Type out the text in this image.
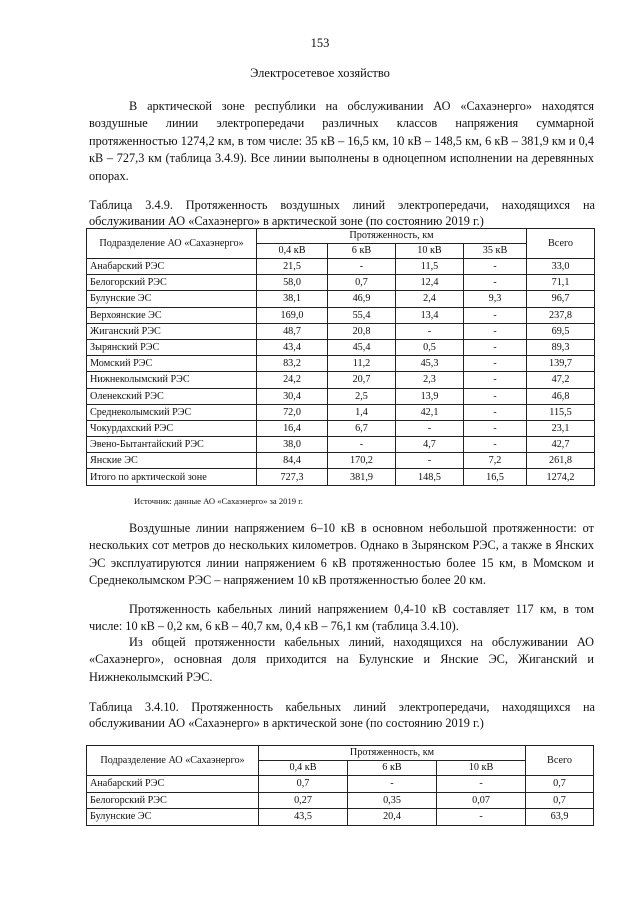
153
Электросетевое хозяйство

В арктической зоне республики на обслуживании АО «Сахаэнерго» находятся воздушные линии электропередачи различных классов напряжения суммарной протяженностью 1274,2 км, в том числе: 35 кВ – 16,5 км, 10 кВ – 148,5 км, 6 кВ – 381,9 км и 0,4 кВ – 727,3 км (таблица 3.4.9). Все линии выполнены в одноцепном исполнении на деревянных опорах.

Таблица 3.4.9. Протяженность воздушных линий электропередачи, находящихся на обслуживании АО «Сахаэнерго» в арктической зоне (по состоянию 2019 г.)

Подразделение АО «Сахаэнерго»	Протяженность, км				Всего
	0,4 кВ	6 кВ	10 кВ	35 кВ	
Анабарский РЭС	21,5	-	11,5	-	33,0
Белогорский РЭС	58,0	0,7	12,4	-	71,1
Булунские ЭС	38,1	46,9	2,4	9,3	96,7
Верхоянские ЭС	169,0	55,4	13,4	-	237,8
Жиганский РЭС	48,7	20,8	-	-	69,5
Зырянский РЭС	43,4	45,4	0,5	-	89,3
Момский РЭС	83,2	11,2	45,3	-	139,7
Нижнеколымский РЭС	24,2	20,7	2,3	-	47,2
Оленекский РЭС	30,4	2,5	13,9	-	46,8
Среднеколымский РЭС	72,0	1,4	42,1	-	115,5
Чокурдахский РЭС	16,4	6,7	-	-	23,1
Эвено-Бытантайский РЭС	38,0	-	4,7	-	42,7
Янские ЭС	84,4	170,2	-	7,2	261,8
Итого по арктической зоне	727,3	381,9	148,5	16,5	1274,2
Источник: данные АО «Сахаэнерго» за 2019 г.

Воздушные линии напряжением 6–10 кВ в основном небольшой протяженности: от нескольких сот метров до нескольких километров. Однако в Зырянском РЭС, а также в Янских ЭС эксплуатируются линии напряжением 6 кВ протяженностью более 15 км, в Момском и Среднеколымском РЭС – напряжением 10 кВ протяженностью более 20 км.

Протяженность кабельных линий напряжением 0,4-10 кВ составляет 117 км, в том числе: 10 кВ – 0,2 км, 6 кВ – 40,7 км, 0,4 кВ – 76,1 км (таблица 3.4.10).

Из общей протяженности кабельных линий, находящихся на обслуживании АО «Сахаэнерго», основная доля приходится на Булунские и Янские ЭС, Жиганский и Нижнеколымский РЭС.

Таблица 3.4.10. Протяженность кабельных линий электропередачи, находящихся на обслуживании АО «Сахаэнерго» в арктической зоне (по состоянию 2019 г.)

Подразделение АО «Сахаэнерго»	Протяженность, км			Всего
	0,4 кВ	6 кВ	10 кВ	
Анабарский РЭС	0,7	-	-	0,7
Белогорский РЭС	0,27	0,35	0,07	0,7
Булунские ЭС	43,5	20,4	-	63,9
